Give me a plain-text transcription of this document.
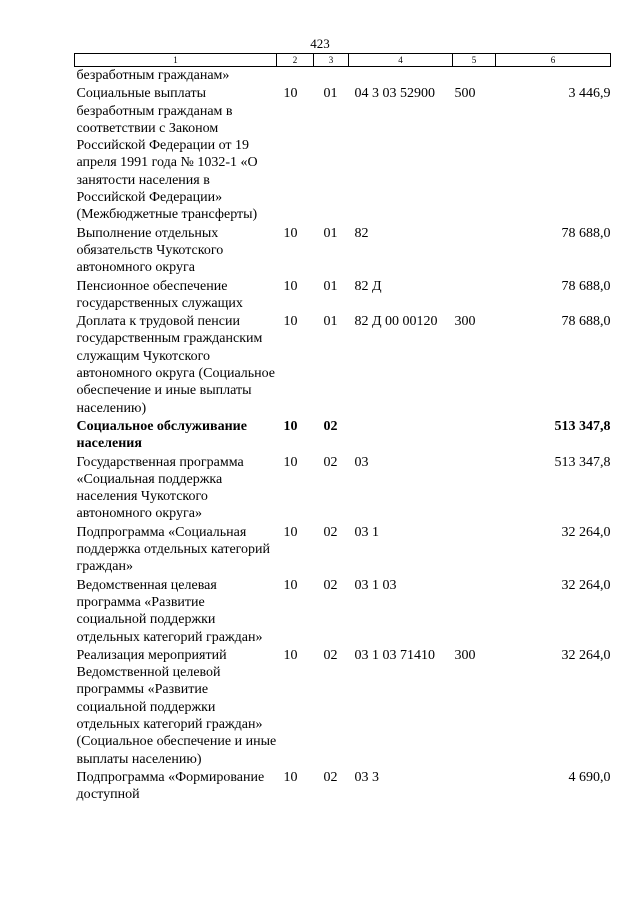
423
1	2	3	4	5	6
безработным гражданам»					
Социальные выплаты безработным гражданам в соответствии с Законом Российской Федерации от 19 апреля 1991 года № 1032-1 «О занятости населения в Российской Федерации» (Межбюджетные трансферты)	10	01	04 3 03 52900	500	3 446,9
Выполнение отдельных обязательств Чукотского автономного округа	10	01	82		78 688,0
Пенсионное обеспечение государственных служащих	10	01	82 Д		78 688,0
Доплата к трудовой пенсии государственным гражданским служащим Чукотского автономного округа (Социальное обеспечение и иные выплаты населению)	10	01	82 Д 00 00120	300	78 688,0
Социальное обслуживание населения	10	02			513 347,8
Государственная программа «Социальная поддержка населения Чукотского автономного округа»	10	02	03		513 347,8
Подпрограмма «Социальная поддержка отдельных категорий граждан»	10	02	03 1		32 264,0
Ведомственная целевая программа «Развитие социальной поддержки отдельных категорий граждан»	10	02	03 1 03		32 264,0
Реализация мероприятий Ведомственной целевой программы «Развитие социальной поддержки отдельных категорий граждан» (Социальное обеспечение и иные выплаты населению)	10	02	03 1 03 71410	300	32 264,0
Подпрограмма «Формирование доступной	10	02	03 3		4 690,0
